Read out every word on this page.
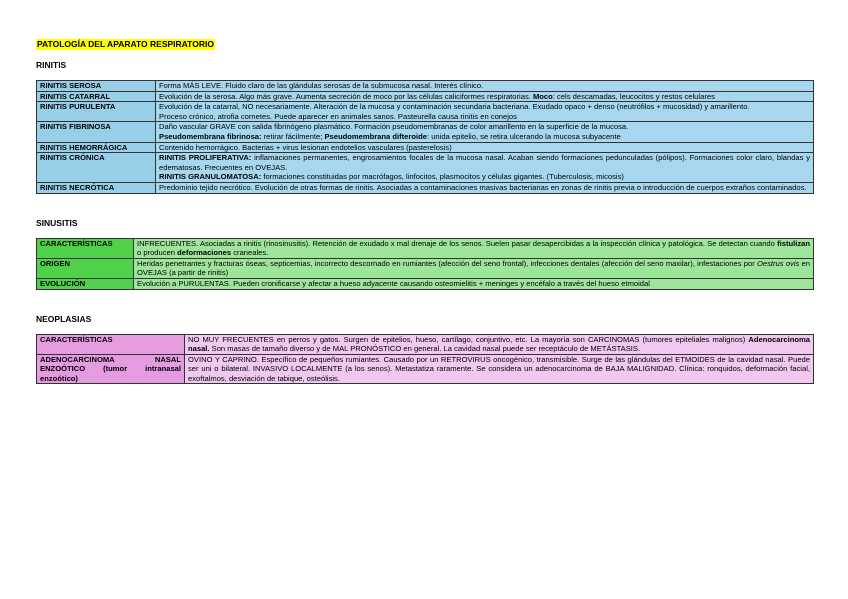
PATOLOGÍA DEL APARATO RESPIRATORIO
RINITIS
RINITIS SEROSA	Forma MÁS LEVE. Fluido claro de las glándulas serosas de la submucosa nasal. Interés clínico.

RINITIS CATARRAL	Evolución de la serosa. Algo más grave. Aumenta secreción de moco por las células caliciformes respiratorias. Moco: cels descamadas, leucocitos y restos celulares

RINITIS PURULENTA	Evolución de la catarral, NO necesariamente. Alteración de la mucosa y contaminación secundaria bacteriana. Exudado opaco + denso (neutrófilos + mucosidad) y amarillento.
Proceso crónico, atrofia cornetes. Puede aparecer en animales sanos. Pasteurella causa rinitis en conejos

RINITIS FIBRINOSA	Daño vascular GRAVE con salida fibrinógeno plasmático. Formación pseudomembranas de color amarillento en la superficie de la mucosa.
Pseudomembrana fibrinosa: retirar fácilmente; Pseudomembrana difteroide: unida epitelio, se retira ulcerando la mucosa subyacente

RINITIS HEMORRÁGICA	Contenido hemorrágico. Bacterias + virus lesionan endotelios vasculares (pasterelosis)

RINITIS CRÓNICA	RINITIS PROLIFERATIVA: inflamaciones permanentes, engrosamientos focales de la mucosa nasal. Acaban siendo formaciones pedunculadas (pólipos). Formaciones color claro, blandas y edematosas. Frecuentes en OVEJAS.
RINITIS GRANULOMATOSA: formaciones constituidas por macrófagos, linfocitos, plasmocitos y células gigantes. (Tuberculosis, micosis)

RINITIS NECRÓTICA	Predominio tejido necrótico. Evolución de otras formas de rinitis. Asociadas a contaminaciones masivas bacterianas en zonas de rinitis previa o introducción de cuerpos extraños contaminados.
SINUSITIS
CARACTERÍSTICAS	INFRECUENTES. Asociadas a rinitis (rinosinusitis). Retención de exudado x mal drenaje de los senos. Suelen pasar desapercibidas a la inspección clínica y patológica. Se detectan cuando fistulizan o producen deformaciones craneales.

ORIGEN	Heridas penetrantes y fracturas óseas, septicemias, incorrecto descornado en rumiantes (afección del seno frontal), infecciones dentales (afección del seno maxilar), infestaciones por Oestrus ovis en OVEJAS (a partir de rinitis)

EVOLUCIÓN	Evolución a PURULENTAS. Pueden cronificarse y afectar a hueso adyacente causando osteomielitis + meninges y encéfalo a través del hueso etmoidal
NEOPLASIAS
CARACTERÍSTICAS	NO MUY FRECUENTES en perros y gatos. Surgen de epitelios, hueso, cartílago, conjuntivo, etc. La mayoría son CARCINOMAS (tumores epiteliales malignos) Adenocarcinoma nasal. Son masas de tamaño diverso y de MAL PRONÓSTICO en general. La cavidad nasal puede ser receptáculo de METÁSTASIS.

ADENOCARCINOMA NASAL ENZOÓTICO (tumor intranasal enzoótico)	OVINO Y CAPRINO. Específico de pequeños rumiantes. Causado por un RETROVIRUS oncogénico, transmisible. Surge de las glándulas del ETMOIDES de la cavidad nasal. Puede ser uni o bilateral. INVASIVO LOCALMENTE (a los senos). Metastatiza raramente. Se considera un adenocarcinoma de BAJA MALIGNIDAD. Clínica: ronquidos, deformación facial, exoftalmos, desviación de tabique, osteólisis.
